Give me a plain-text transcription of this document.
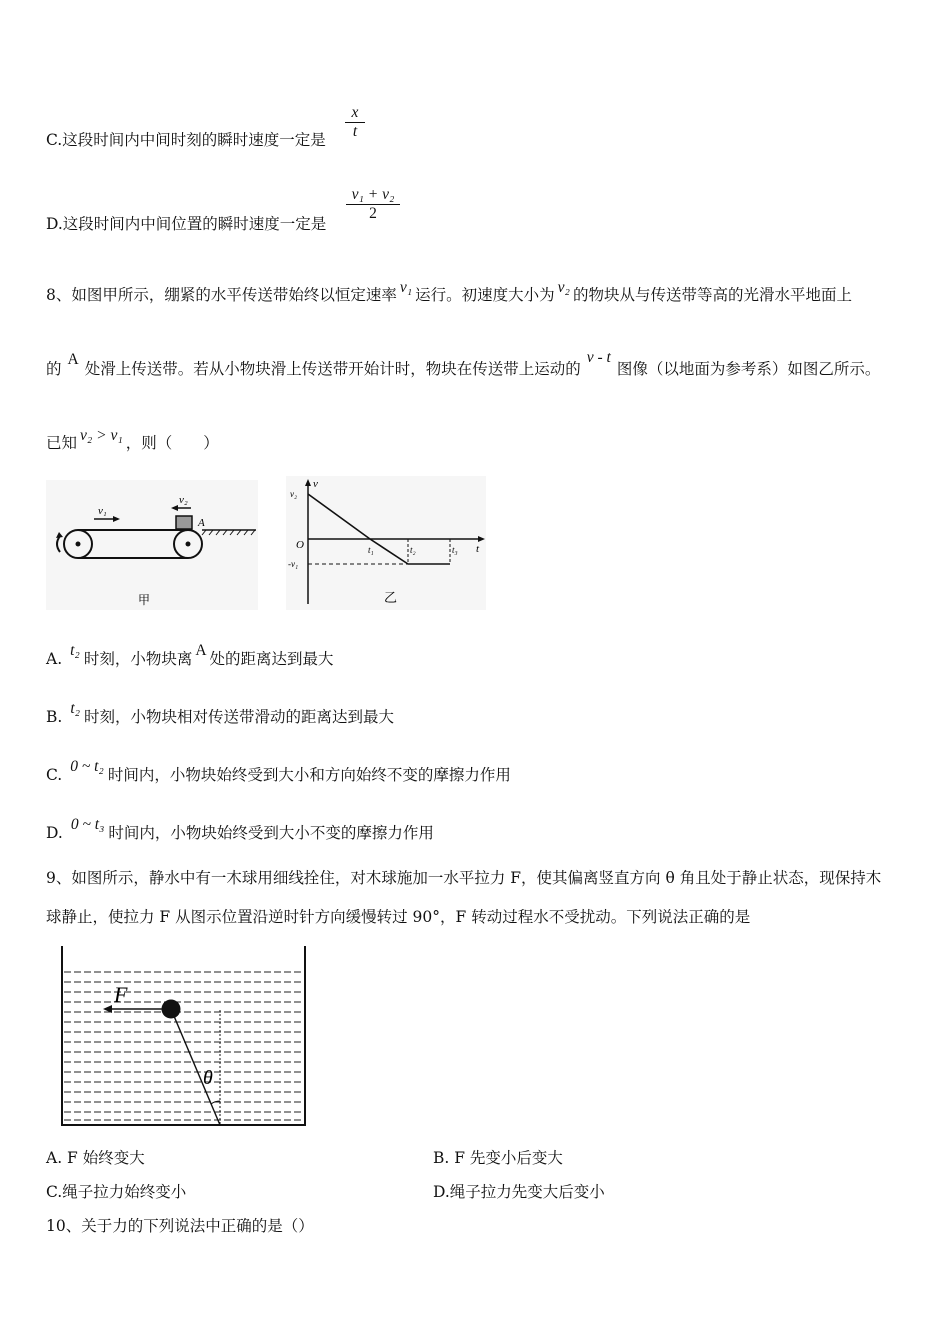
C.这段时间内中间时刻的瞬时速度一定是
x
t
D.这段时间内中间位置的瞬时速度一定是
v₁ + v₂
2
8、如图甲所示，绷紧的水平传送带始终以恒定速率 v₁ 运行。初速度大小为 v₂ 的物块从与传送带等高的光滑水平地面上
的A处滑上传送带。若从小物块滑上传送带开始计时，物块在传送带上运动的v - t图像（以地面为参考系）如图乙所示。
已知 v₂ > v₁ ，则（　　）
v₁
v₂
A
甲
v
t
O
v₂
-v₁
t₁	t₂	t₃
乙
A. t₂ 时刻，小物块离 A 处的距离达到最大
B. t₂ 时刻，小物块相对传送带滑动的距离达到最大
C. 0 ~ t₂ 时间内，小物块始终受到大小和方向始终不变的摩擦力作用
D. 0 ~ t₃ 时间内，小物块始终受到大小不变的摩擦力作用
9、如图所示，静水中有一木球用细线拴住，对木球施加一水平拉力 F，使其偏离竖直方向 θ 角且处于静止状态，现保持木
球静止，使拉力 F 从图示位置沿逆时针方向缓慢转过 90°，F 转动过程水不受扰动。下列说法正确的是
θ
F
A. F 始终变大	B. F 先变小后变大
C.绳子拉力始终变小	D.绳子拉力先变大后变小
10、关于力的下列说法中正确的是（）
